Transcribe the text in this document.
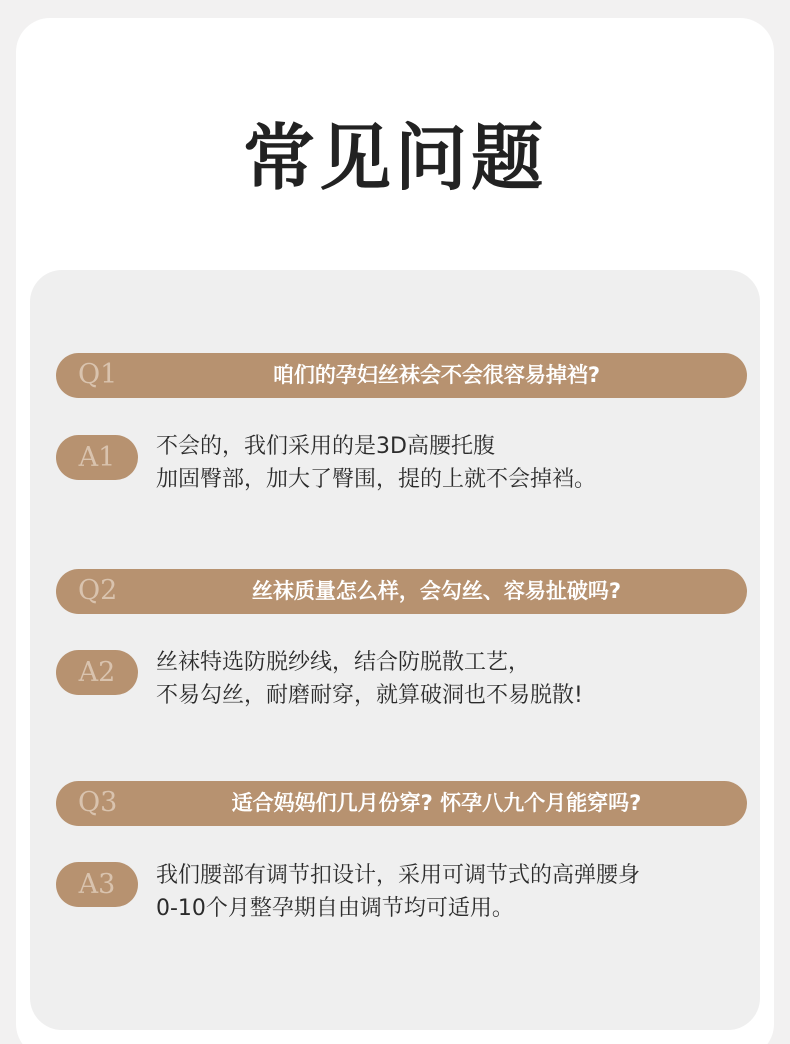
常见问题
Q1	咱们的孕妇丝袜会不会很容易掉裆?
A1	不会的，我们采用的是3D高腰托腹
加固臀部，加大了臀围，提的上就不会掉裆。
Q2	丝袜质量怎么样，会勾丝、容易扯破吗?
A2	丝袜特选防脱纱线，结合防脱散工艺，
不易勾丝，耐磨耐穿，就算破洞也不易脱散!
Q3	适合妈妈们几月份穿? 怀孕八九个月能穿吗?
A3	我们腰部有调节扣设计，采用可调节式的高弹腰身
0-10个月整孕期自由调节均可适用。
